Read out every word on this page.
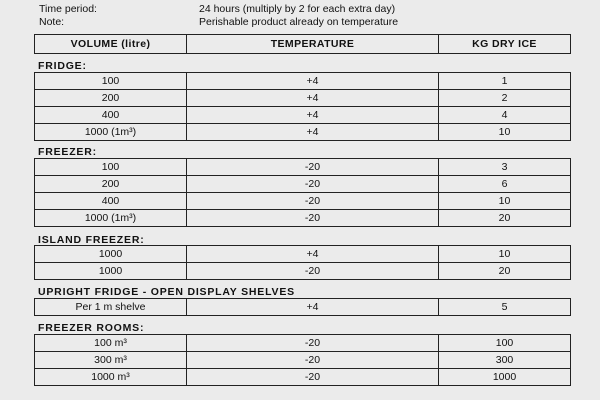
Time period:	24 hours (multiply by 2 for each extra day)
Note:	Perishable product already on temperature
VOLUME (litre)	TEMPERATURE	KG DRY ICE
FRIDGE:
100	+4	1
200	+4	2
400	+4	4
1000 (1m³)	+4	10
FREEZER:
100	-20	3
200	-20	6
400	-20	10
1000 (1m³)	-20	20
ISLAND FREEZER:
1000	+4	10
1000	-20	20
UPRIGHT FRIDGE - OPEN DISPLAY SHELVES
Per 1 m shelve	+4	5
FREEZER ROOMS:
100 m³	-20	100
300 m³	-20	300
1000 m³	-20	1000
